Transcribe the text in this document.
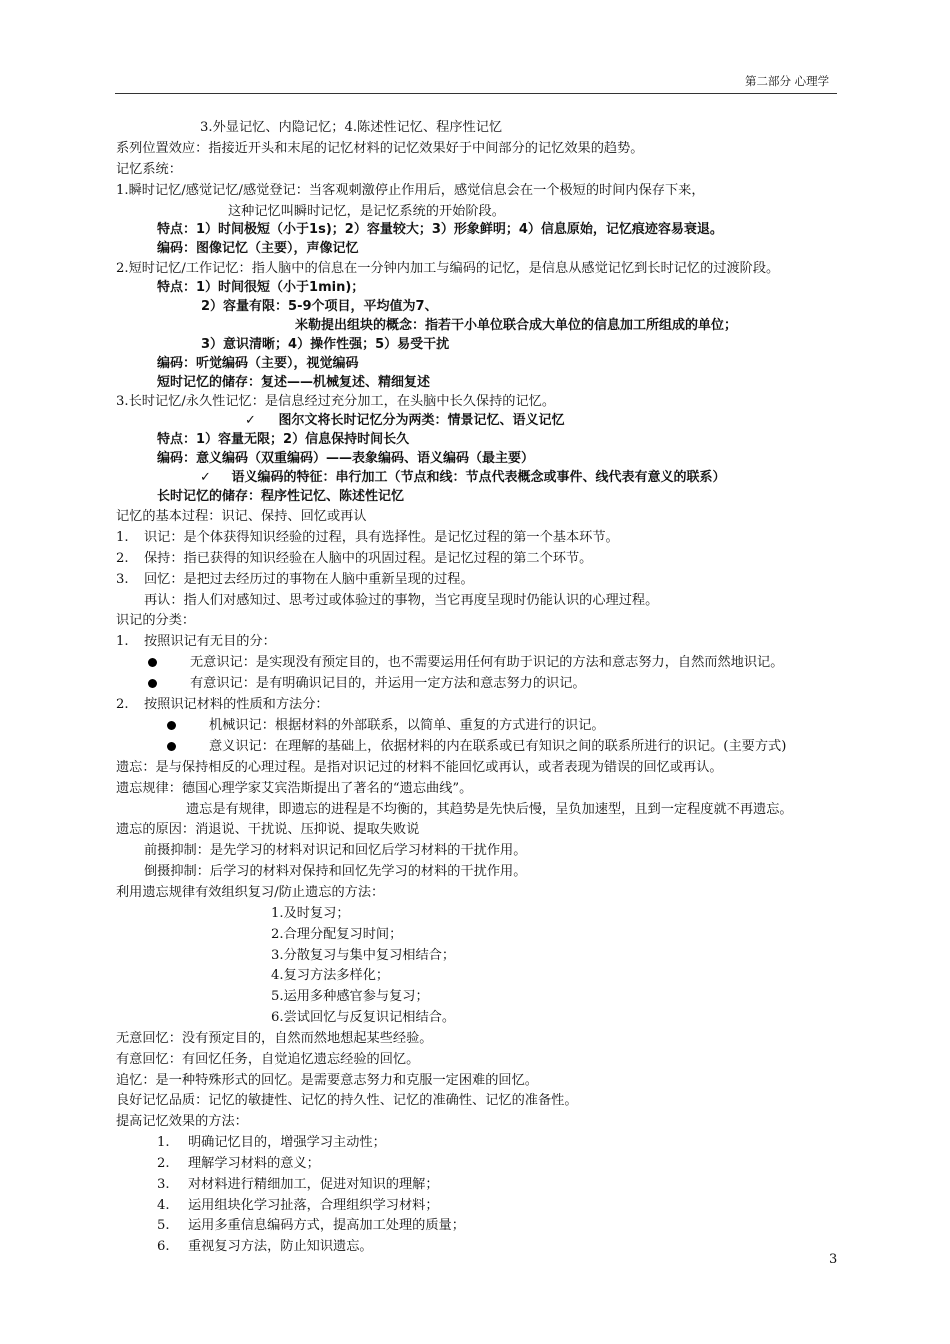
第二部分 心理学
3.外显记忆、内隐记忆；4.陈述性记忆、程序性记忆
系列位置效应：指接近开头和末尾的记忆材料的记忆效果好于中间部分的记忆效果的趋势。
记忆系统：
1.瞬时记忆/感觉记忆/感觉登记：当客观刺激停止作用后，感觉信息会在一个极短的时间内保存下来，
这种记忆叫瞬时记忆，是记忆系统的开始阶段。
特点：1）时间极短（小于1s)；2）容量较大；3）形象鲜明；4）信息原始，记忆痕迹容易衰退。
编码：图像记忆（主要），声像记忆
2.短时记忆/工作记忆：指人脑中的信息在一分钟内加工与编码的记忆，是信息从感觉记忆到长时记忆的过渡阶段。
特点：1）时间很短（小于1min)；
2）容量有限：5-9个项目，平均值为7、
米勒提出组块的概念：指若干小单位联合成大单位的信息加工所组成的单位；
3）意识清晰；4）操作性强；5）易受干扰
编码：听觉编码（主要），视觉编码
短时记忆的储存：复述——机械复述、精细复述
3.长时记忆/永久性记忆：是信息经过充分加工，在头脑中长久保持的记忆。
✓ 图尔文将长时记忆分为两类：情景记忆、语义记忆
特点：1）容量无限；2）信息保持时间长久
编码：意义编码（双重编码）——表象编码、语义编码（最主要）
✓ 语义编码的特征：串行加工（节点和线：节点代表概念或事件、线代表有意义的联系）
长时记忆的储存：程序性记忆、陈述性记忆
记忆的基本过程：识记、保持、回忆或再认
1. 识记：是个体获得知识经验的过程，具有选择性。是记忆过程的第一个基本环节。
2. 保持：指已获得的知识经验在人脑中的巩固过程。是记忆过程的第二个环节。
3. 回忆：是把过去经历过的事物在人脑中重新呈现的过程。
再认：指人们对感知过、思考过或体验过的事物，当它再度呈现时仍能认识的心理过程。
识记的分类：
1. 按照识记有无目的分：
无意识记：是实现没有预定目的，也不需要运用任何有助于识记的方法和意志努力，自然而然地识记。
有意识记：是有明确识记目的，并运用一定方法和意志努力的识记。
2. 按照识记材料的性质和方法分：
机械识记：根据材料的外部联系，以简单、重复的方式进行的识记。
意义识记：在理解的基础上，依据材料的内在联系或已有知识之间的联系所进行的识记。(主要方式)
遗忘：是与保持相反的心理过程。是指对识记过的材料不能回忆或再认，或者表现为错误的回忆或再认。
遗忘规律：德国心理学家艾宾浩斯提出了著名的“遗忘曲线”。
遗忘是有规律，即遗忘的进程是不均衡的，其趋势是先快后慢，呈负加速型，且到一定程度就不再遗忘。
遗忘的原因：消退说、干扰说、压抑说、提取失败说
前摄抑制：是先学习的材料对识记和回忆后学习材料的干扰作用。
倒摄抑制：后学习的材料对保持和回忆先学习的材料的干扰作用。
利用遗忘规律有效组织复习/防止遗忘的方法：
1.及时复习；
2.合理分配复习时间；
3.分散复习与集中复习相结合；
4.复习方法多样化；
5.运用多种感官参与复习；
6.尝试回忆与反复识记相结合。
无意回忆：没有预定目的，自然而然地想起某些经验。
有意回忆：有回忆任务，自觉追忆遗忘经验的回忆。
追忆：是一种特殊形式的回忆。是需要意志努力和克服一定困难的回忆。
良好记忆品质：记忆的敏捷性、记忆的持久性、记忆的准确性、记忆的准备性。
提高记忆效果的方法：
1. 明确记忆目的，增强学习主动性；
2. 理解学习材料的意义；
3. 对材料进行精细加工，促进对知识的理解；
4. 运用组块化学习扯落，合理组织学习材料；
5. 运用多重信息编码方式，提高加工处理的质量；
6. 重视复习方法，防止知识遗忘。
3
